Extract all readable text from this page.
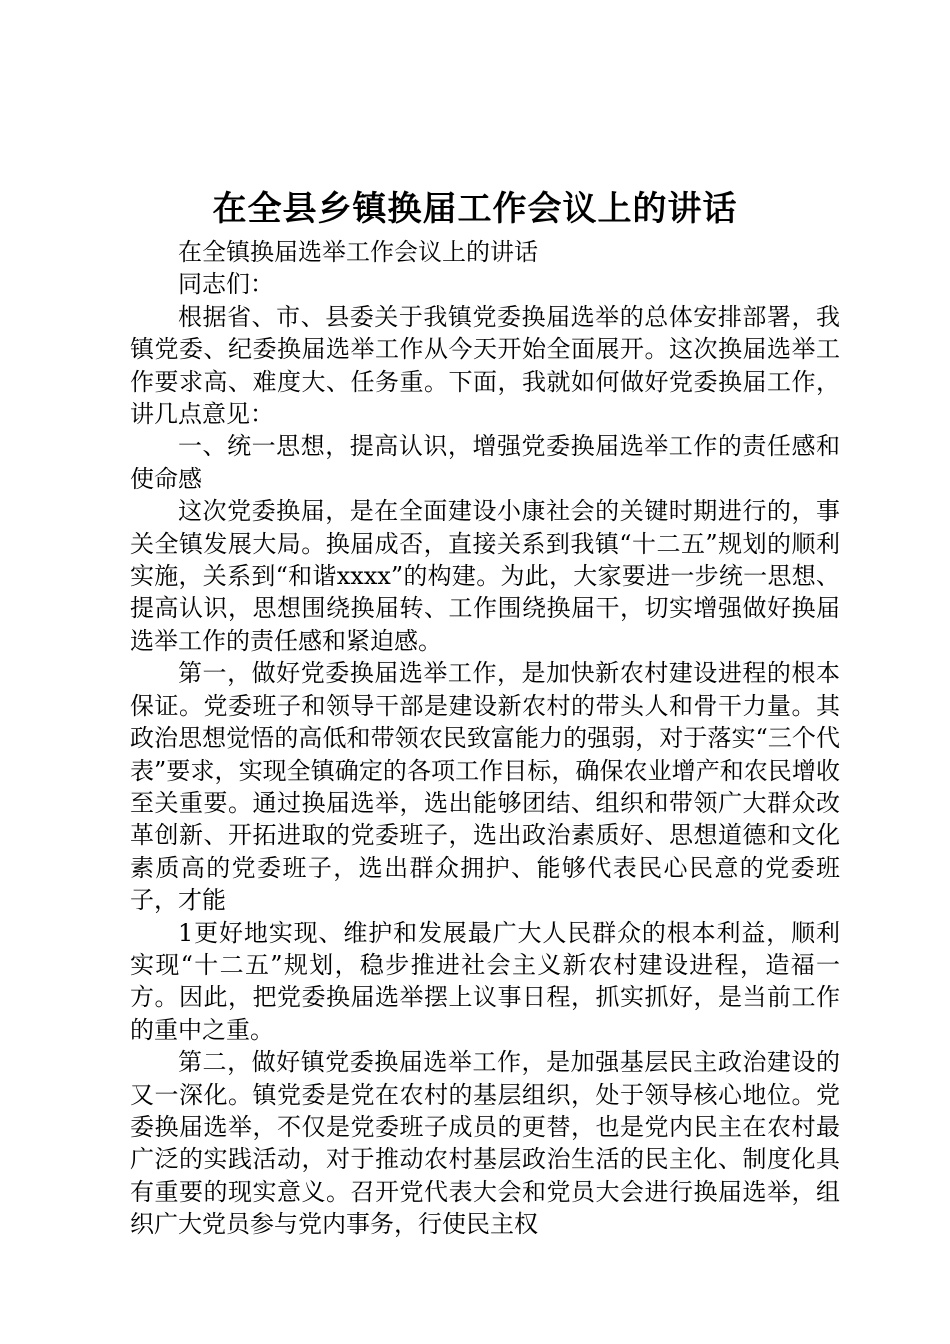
在全县乡镇换届工作会议上的讲话

在全镇换届选举工作会议上的讲话

同志们：

根据省、市、县委关于我镇党委换届选举的总体安排部署，我镇党委、纪委换届选举工作从今天开始全面展开。这次换届选举工作要求高、难度大、任务重。下面，我就如何做好党委换届工作，讲几点意见：

一、统一思想，提高认识，增强党委换届选举工作的责任感和使命感

这次党委换届，是在全面建设小康社会的关键时期进行的，事关全镇发展大局。换届成否，直接关系到我镇“十二五”规划的顺利实施，关系到“和谐xxxx”的构建。为此，大家要进一步统一思想、提高认识，思想围绕换届转、工作围绕换届干，切实增强做好换届选举工作的责任感和紧迫感。

第一，做好党委换届选举工作，是加快新农村建设进程的根本保证。党委班子和领导干部是建设新农村的带头人和骨干力量。其政治思想觉悟的高低和带领农民致富能力的强弱，对于落实“三个代表”要求，实现全镇确定的各项工作目标，确保农业增产和农民增收至关重要。通过换届选举，选出能够团结、组织和带领广大群众改革创新、开拓进取的党委班子，选出政治素质好、思想道德和文化素质高的党委班子，选出群众拥护、能够代表民心民意的党委班子，才能

1更好地实现、维护和发展最广大人民群众的根本利益，顺利实现“十二五”规划，稳步推进社会主义新农村建设进程，造福一方。因此，把党委换届选举摆上议事日程，抓实抓好，是当前工作的重中之重。

第二，做好镇党委换届选举工作，是加强基层民主政治建设的又一深化。镇党委是党在农村的基层组织，处于领导核心地位。党委换届选举，不仅是党委班子成员的更替，也是党内民主在农村最广泛的实践活动，对于推动农村基层政治生活的民主化、制度化具有重要的现实意义。召开党代表大会和党员大会进行换届选举，组织广大党员参与党内事务，行使民主权
